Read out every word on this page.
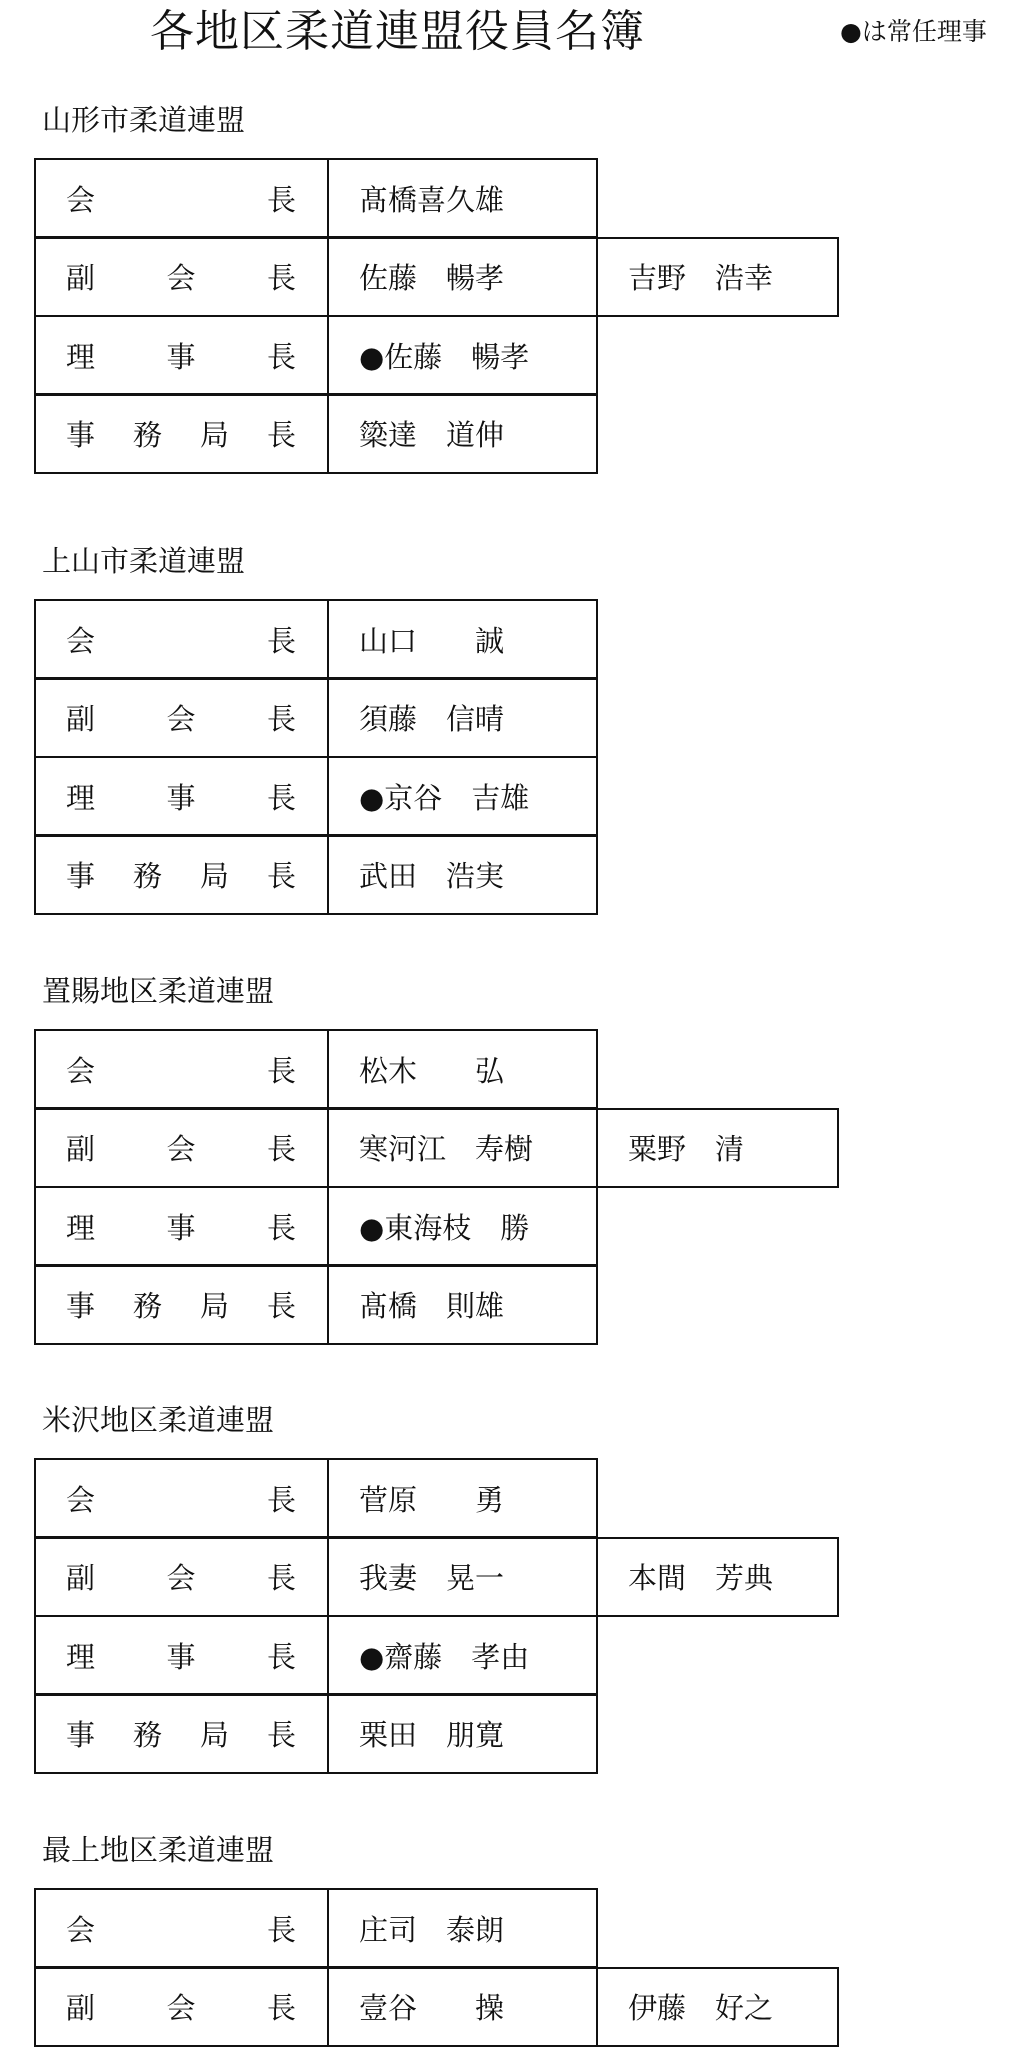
各地区柔道連盟役員名簿	●は常任理事
山形市柔道連盟
会	長	髙橋喜久雄
副 会 長	佐藤　暢孝	吉野　浩幸
理 事 長	●佐藤　暢孝
事 務 局 長	簗達　道伸
上山市柔道連盟
会	長	山口　　誠
副 会 長	須藤　信晴
理 事 長	●京谷　吉雄
事 務 局 長	武田　浩実
置賜地区柔道連盟
会	長	松木　　弘
副 会 長	寒河江　寿樹	粟野　清
理 事 長	●東海枝　勝
事 務 局 長	髙橋　則雄
米沢地区柔道連盟
会	長	菅原　　勇
副 会 長	我妻　晃一	本間　芳典
理 事 長	●齋藤　孝由
事 務 局 長	栗田　朋寛
最上地区柔道連盟
会	長	庄司　泰朗
副 会 長	壹谷　　操	伊藤　好之
